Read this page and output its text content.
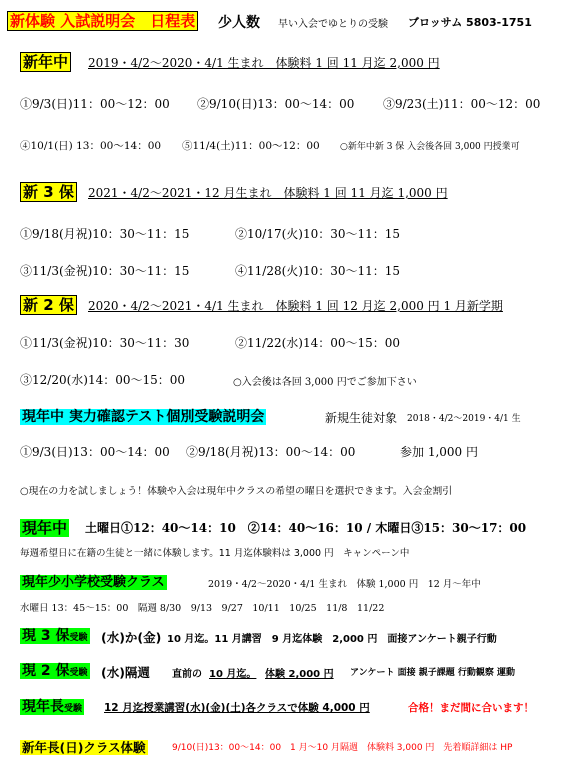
新体験 入試説明会　日程表 少人数 早い入会でゆとりの受験 ブロッサム 5803-1751
新年中 2019・4/2～2020・4/1 生まれ　体験料 1 回 11 月迄 2,000 円
①9/3(日)11：00～12：00 ②9/10(日)13：00～14：00 ③9/23(土)11：00～12：00
④10/1(日) 13：00～14：00 ⑤11/4(土)11：00～12：00 ○新年中新 3 保 入会後各回 3,000 円授業可
新 3 保 2021・4/2～2021・12 月生まれ　体験料 1 回 11 月迄 1,000 円
①9/18(月祝)10：30～11：15	②10/17(火)10：30～11：15
③11/3(金祝)10：30～11：15	④11/28(火)10：30～11：15
新 2 保 2020・4/2～2021・4/1 生まれ　体験料 1 回 12 月迄 2,000 円 1 月新学期
①11/3(金祝)10：30～11：30	②11/22(水)14：00～15：00
③12/20(水)14：00～15：00	○入会後は各回 3,000 円でご参加下さい
現年中 実力確認テスト個別受験説明会	新規生徒対象 2018・4/2～2019・4/1 生
①9/3(日)13：00～14：00 ②9/18(月祝)13：00～14：00	参加 1,000 円
○現在の力を試しましょう！体験や入会は現年中クラスの希望の曜日を選択できます。入会金割引
現年中 土曜日①12：40～14：10　②14：40～16：10 / 木曜日③15：30～17：00
毎週希望日に在籍の生徒と一緒に体験します。11 月迄体験料は 3,000 円　キャンペーン中
現年少小学校受験クラス	2019・4/2～2020・4/1 生まれ　体験 1,000 円　12 月～年中
水曜日 13：45～15：00　隔週 8/30　9/13　9/27　10/11　10/25　11/8　11/22
現 3 保受験 (水)か(金) 10 月迄。11 月講習　9 月迄体験　2,000 円　面接アンケート親子行動
現 2 保受験 (水)隔週 直前の 10 月迄。 体験 2,000 円 アンケート 面接 親子課題 行動観察 運動
現年長受験 12 月迄授業講習(水)(金)(土)各クラスで体験 4,000 円	合格！まだ間に合います！
新年長(日)クラス体験	9/10(日)13：00～14：00　1 月～10 月隔週　体験料 3,000 円　先着順詳細は HP
